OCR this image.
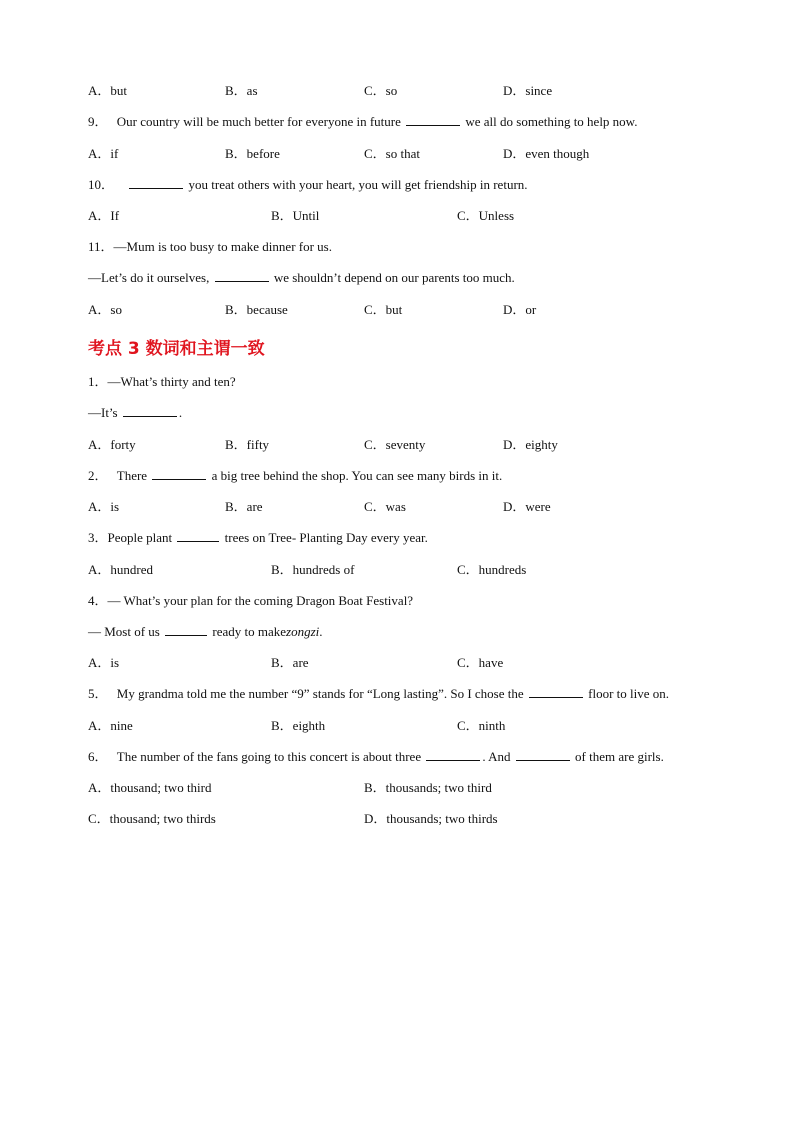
A．but	B．as	C．so	D．since
9． Our country will be much better for everyone in future	we all do something to help now.
A．if	B．before	C．so that	D．even though
10．	you treat others with your heart, you will get friendship in return.
A．If	B．Until	C．Unless
11．—Mum is too busy to make dinner for us.
—Let’s do it ourselves,	we shouldn’t depend on our parents too much.
A．so	B．because	C．but	D．or
考点 3 数词和主谓一致
1．—What’s thirty and ten?
—It’s	.
A．forty	B．fifty	C．seventy	D．eighty
2． There	a big tree behind the shop. You can see many birds in it.
A．is	B．are	C．was	D．were
3．People plant	trees on Tree- Planting Day every year.
A．hundred	B．hundreds of	C．hundreds
4．— What’s your plan for the coming Dragon Boat Festival?
— Most of us	ready to makezongzi.
A．is	B．are	C．have
5． My grandma told me the number “9” stands for “Long lasting”. So I chose the	floor to live on.
A．nine	B．eighth	C．ninth
6． The number of the fans going to this concert is about three	. And	of them are girls.
A．thousand; two third	B．thousands; two third
C．thousand; two thirds	D．thousands; two thirds
